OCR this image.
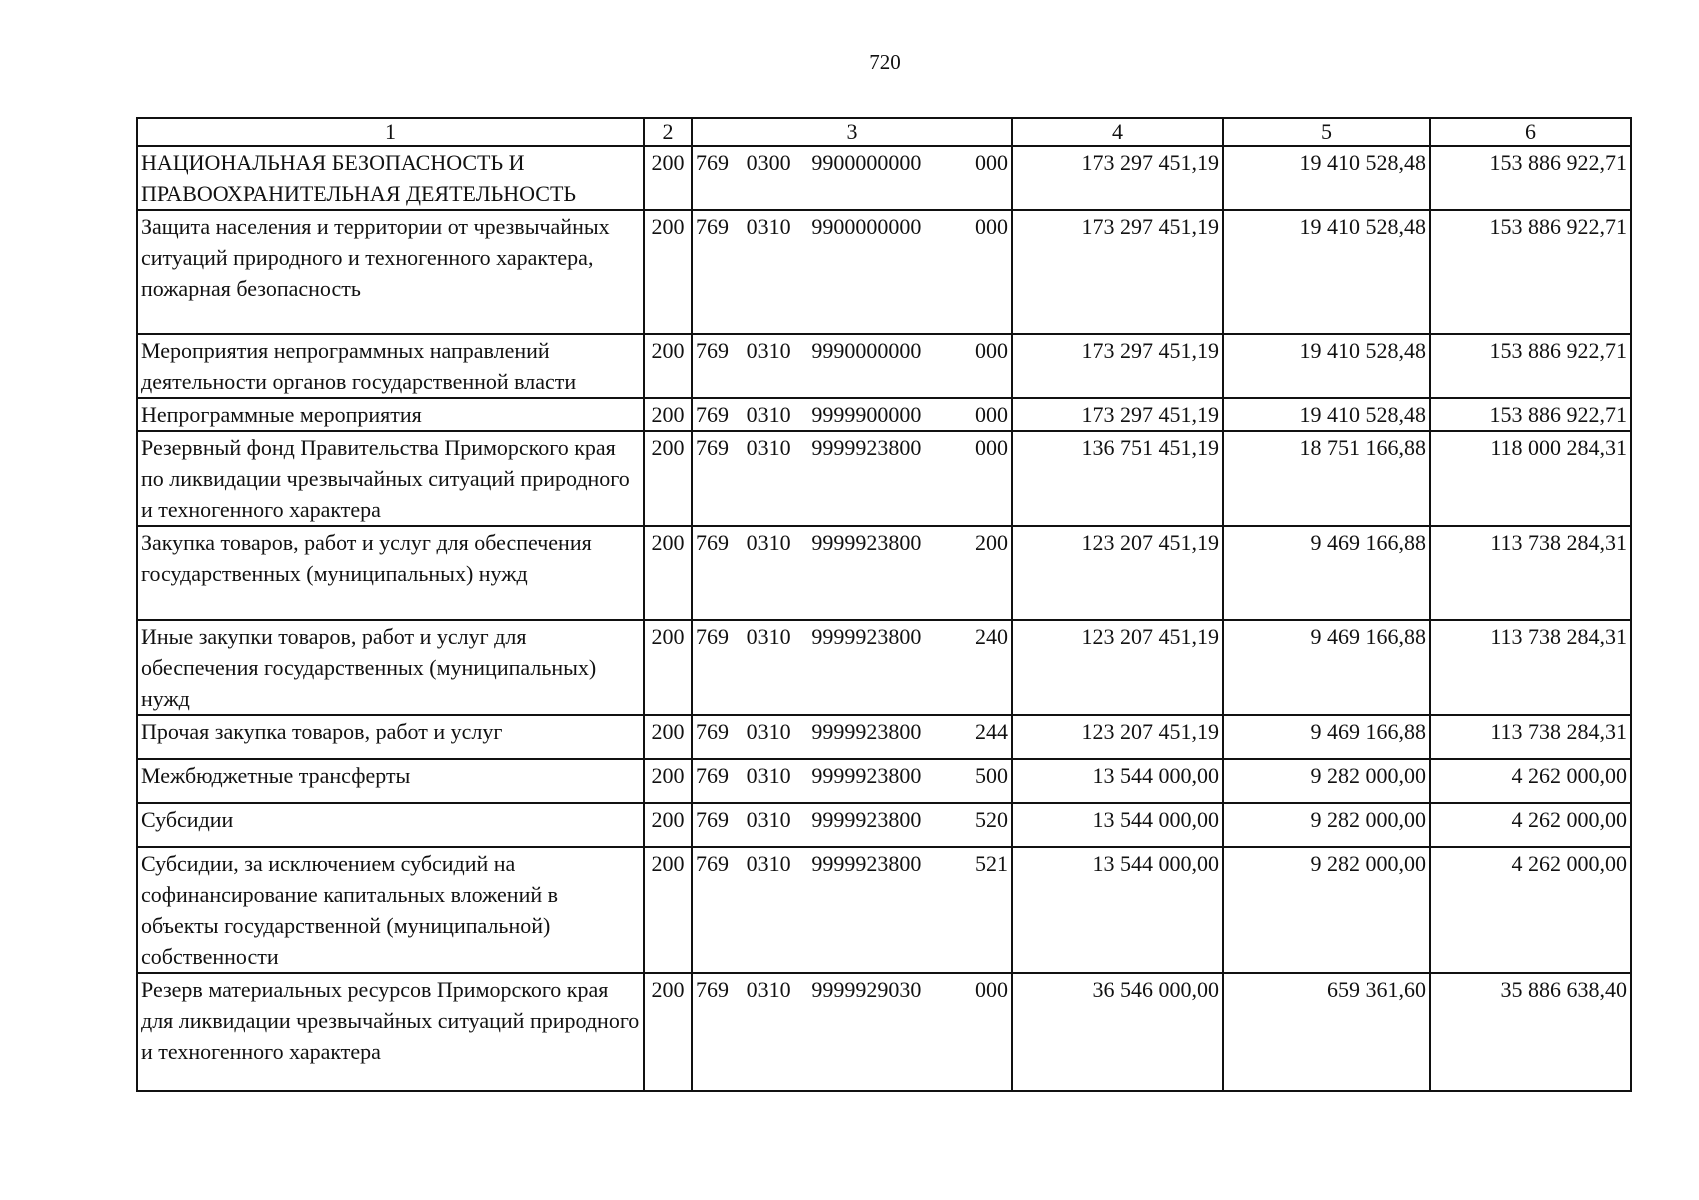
720
1	2	3	4	5	6
НАЦИОНАЛЬНАЯ БЕЗОПАСНОСТЬ И ПРАВООХРАНИТЕЛЬНАЯ ДЕЯТЕЛЬНОСТЬ	200	769 0300 9900000000 000	173 297 451,19	19 410 528,48	153 886 922,71
Защита населения и территории от чрезвычайных ситуаций природного и техногенного характера, пожарная безопасность	200	769 0310 9900000000 000	173 297 451,19	19 410 528,48	153 886 922,71
Мероприятия непрограммных направлений деятельности органов государственной власти	200	769 0310 9990000000 000	173 297 451,19	19 410 528,48	153 886 922,71
Непрограммные мероприятия	200	769 0310 9999900000 000	173 297 451,19	19 410 528,48	153 886 922,71
Резервный фонд Правительства Приморского края по ликвидации чрезвычайных ситуаций природного и техногенного характера	200	769 0310 9999923800 000	136 751 451,19	18 751 166,88	118 000 284,31
Закупка товаров, работ и услуг для обеспечения государственных (муниципальных) нужд	200	769 0310 9999923800 200	123 207 451,19	9 469 166,88	113 738 284,31
Иные закупки товаров, работ и услуг для обеспечения государственных (муниципальных) нужд	200	769 0310 9999923800 240	123 207 451,19	9 469 166,88	113 738 284,31
Прочая закупка товаров, работ и услуг	200	769 0310 9999923800 244	123 207 451,19	9 469 166,88	113 738 284,31
Межбюджетные трансферты	200	769 0310 9999923800 500	13 544 000,00	9 282 000,00	4 262 000,00
Субсидии	200	769 0310 9999923800 520	13 544 000,00	9 282 000,00	4 262 000,00
Субсидии, за исключением субсидий на софинансирование капитальных вложений в объекты государственной (муниципальной) собственности	200	769 0310 9999923800 521	13 544 000,00	9 282 000,00	4 262 000,00
Резерв материальных ресурсов Приморского края для ликвидации чрезвычайных ситуаций природного и техногенного характера	200	769 0310 9999929030 000	36 546 000,00	659 361,60	35 886 638,40
